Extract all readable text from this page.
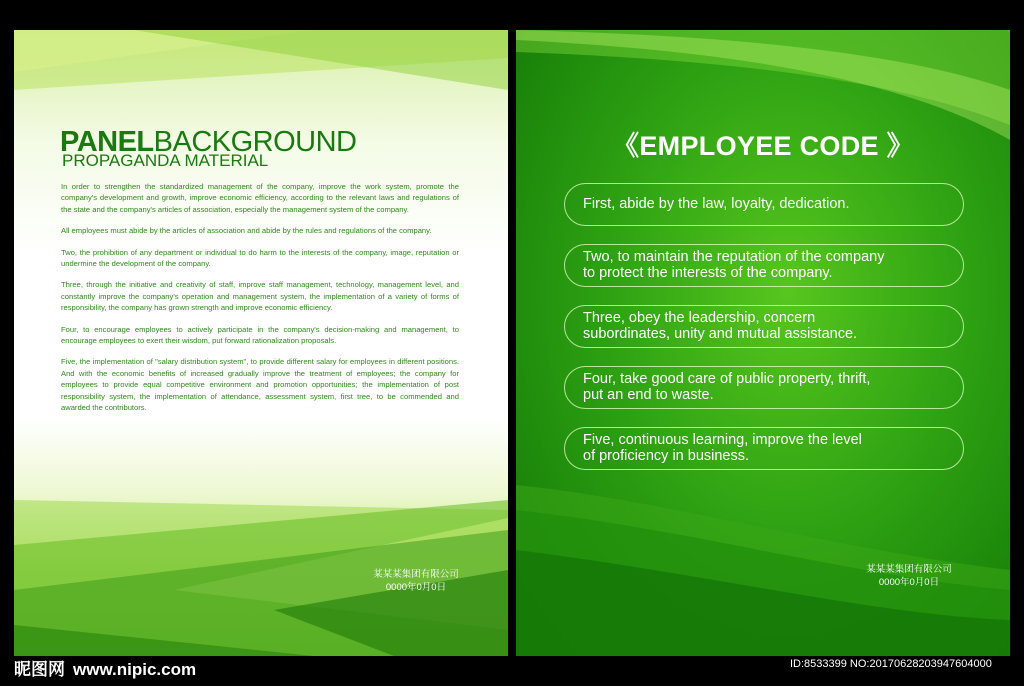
PANELBACKGROUND
PROPAGANDA MATERIAL

In order to strengthen the standardized management of the company, improve the work system, promote the company's development and growth, improve economic efficiency, according to the relevant laws and regulations of the state and the company's articles of association, especially the management system of the company.

All employees must abide by the articles of association and abide by the rules and regulations of the company.

Two, the prohibition of any department or individual to do harm to the interests of the company, image, reputation or undermine the development of the company.

Three, through the initiative and creativity of staff, improve staff management, technology, management level, and constantly improve the company's operation and management system, the implementation of a variety of forms of responsibility, the company has grown strength and improve economic efficiency.

Four, to encourage employees to actively participate in the company's decision-making and management, to encourage employees to exert their wisdom, put forward rationalization proposals.

Five, the implementation of "salary distribution system", to provide different salary for employees in different positions. And with the economic benefits of increased gradually improve the treatment of employees; the company for employees to provide equal competitive environment and promotion opportunities; the implementation of post responsibility system, the implementation of attendance, assessment system, first tree, to be commended and awarded the contributors.

某某某集团有限公司
0000年0月0日
《EMPLOYEE CODE 》
First, abide by the law, loyalty, dedication.
Two, to maintain the reputation of the company
to protect the interests of the company.
Three, obey the leadership, concern
subordinates, unity and mutual assistance.
Four, take good care of public property, thrift,
put an end to waste.
Five, continuous learning, improve the level
of proficiency in business.
某某某集团有限公司
0000年0月0日
昵图网 www.nipic.com	ID:8533399 NO:20170628203947604000
